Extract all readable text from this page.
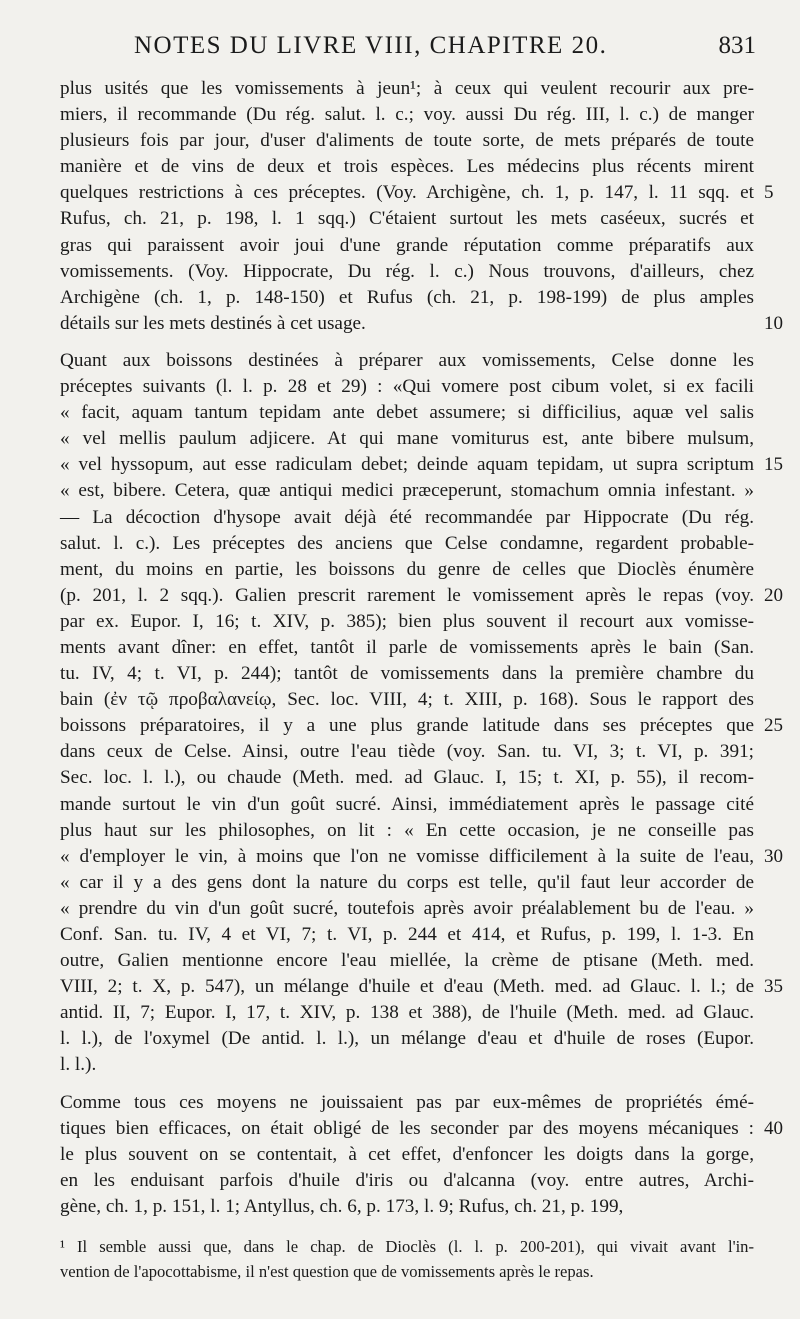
NOTES DU LIVRE VIII, CHAPITRE 20.	831
plus usités que les vomissements à jeun¹; à ceux qui veulent recourir aux pre-
miers, il recommande (Du rég. salut. l. c.; voy. aussi Du rég. III, l. c.) de manger
plusieurs fois par jour, d'user d'aliments de toute sorte, de mets préparés de toute
manière et de vins de deux et trois espèces. Les médecins plus récents mirent
quelques restrictions à ces préceptes. (Voy. Archigène, ch. 1, p. 147, l. 11 sqq. et 5
Rufus, ch. 21, p. 198, l. 1 sqq.) C'étaient surtout les mets caséeux, sucrés et
gras qui paraissent avoir joui d'une grande réputation comme préparatifs aux
vomissements. (Voy. Hippocrate, Du rég. l. c.) Nous trouvons, d'ailleurs, chez
Archigène (ch. 1, p. 148-150) et Rufus (ch. 21, p. 198-199) de plus amples
détails sur les mets destinés à cet usage.	10
Quant aux boissons destinées à préparer aux vomissements, Celse donne les
préceptes suivants (l. l. p. 28 et 29) : «Qui vomere post cibum volet, si ex facili
« facit, aquam tantum tepidam ante debet assumere; si difficilius, aquæ vel salis
« vel mellis paulum adjicere. At qui mane vomiturus est, ante bibere mulsum,
« vel hyssopum, aut esse radiculam debet; deinde aquam tepidam, ut supra scriptum 15
« est, bibere. Cetera, quæ antiqui medici præceperunt, stomachum omnia infestant. »
— La décoction d'hysope avait déjà été recommandée par Hippocrate (Du rég.
salut. l. c.). Les préceptes des anciens que Celse condamne, regardent probable-
ment, du moins en partie, les boissons du genre de celles que Dioclès énumère
(p. 201, l. 2 sqq.). Galien prescrit rarement le vomissement après le repas (voy. 20
par ex. Eupor. I, 16; t. XIV, p. 385); bien plus souvent il recourt aux vomisse-
ments avant dîner: en effet, tantôt il parle de vomissements après le bain (San.
tu. IV, 4; t. VI, p. 244); tantôt de vomissements dans la première chambre du
bain (ἐν τῷ προβαλανείῳ, Sec. loc. VIII, 4; t. XIII, p. 168). Sous le rapport des
boissons préparatoires, il y a une plus grande latitude dans ses préceptes que 25
dans ceux de Celse. Ainsi, outre l'eau tiède (voy. San. tu. VI, 3; t. VI, p. 391;
Sec. loc. l. l.), ou chaude (Meth. med. ad Glauc. I, 15; t. XI, p. 55), il recom-
mande surtout le vin d'un goût sucré. Ainsi, immédiatement après le passage cité
plus haut sur les philosophes, on lit : « En cette occasion, je ne conseille pas
« d'employer le vin, à moins que l'on ne vomisse difficilement à la suite de l'eau, 30
« car il y a des gens dont la nature du corps est telle, qu'il faut leur accorder de
« prendre du vin d'un goût sucré, toutefois après avoir préalablement bu de l'eau. »
Conf. San. tu. IV, 4 et VI, 7; t. VI, p. 244 et 414, et Rufus, p. 199, l. 1-3. En
outre, Galien mentionne encore l'eau miellée, la crème de ptisane (Meth. med.
VIII, 2; t. X, p. 547), un mélange d'huile et d'eau (Meth. med. ad Glauc. l. l.; de 35
antid. II, 7; Eupor. I, 17, t. XIV, p. 138 et 388), de l'huile (Meth. med. ad Glauc.
l. l.), de l'oxymel (De antid. l. l.), un mélange d'eau et d'huile de roses (Eupor.
l. l.).
Comme tous ces moyens ne jouissaient pas par eux-mêmes de propriétés émé-
tiques bien efficaces, on était obligé de les seconder par des moyens mécaniques : 40
le plus souvent on se contentait, à cet effet, d'enfoncer les doigts dans la gorge,
en les enduisant parfois d'huile d'iris ou d'alcanna (voy. entre autres, Archi-
gène, ch. 1, p. 151, l. 1; Antyllus, ch. 6, p. 173, l. 9; Rufus, ch. 21, p. 199,
¹ Il semble aussi que, dans le chap. de Dioclès (l. l. p. 200-201), qui vivait avant l'in-
vention de l'apocottabisme, il n'est question que de vomissements après le repas.
